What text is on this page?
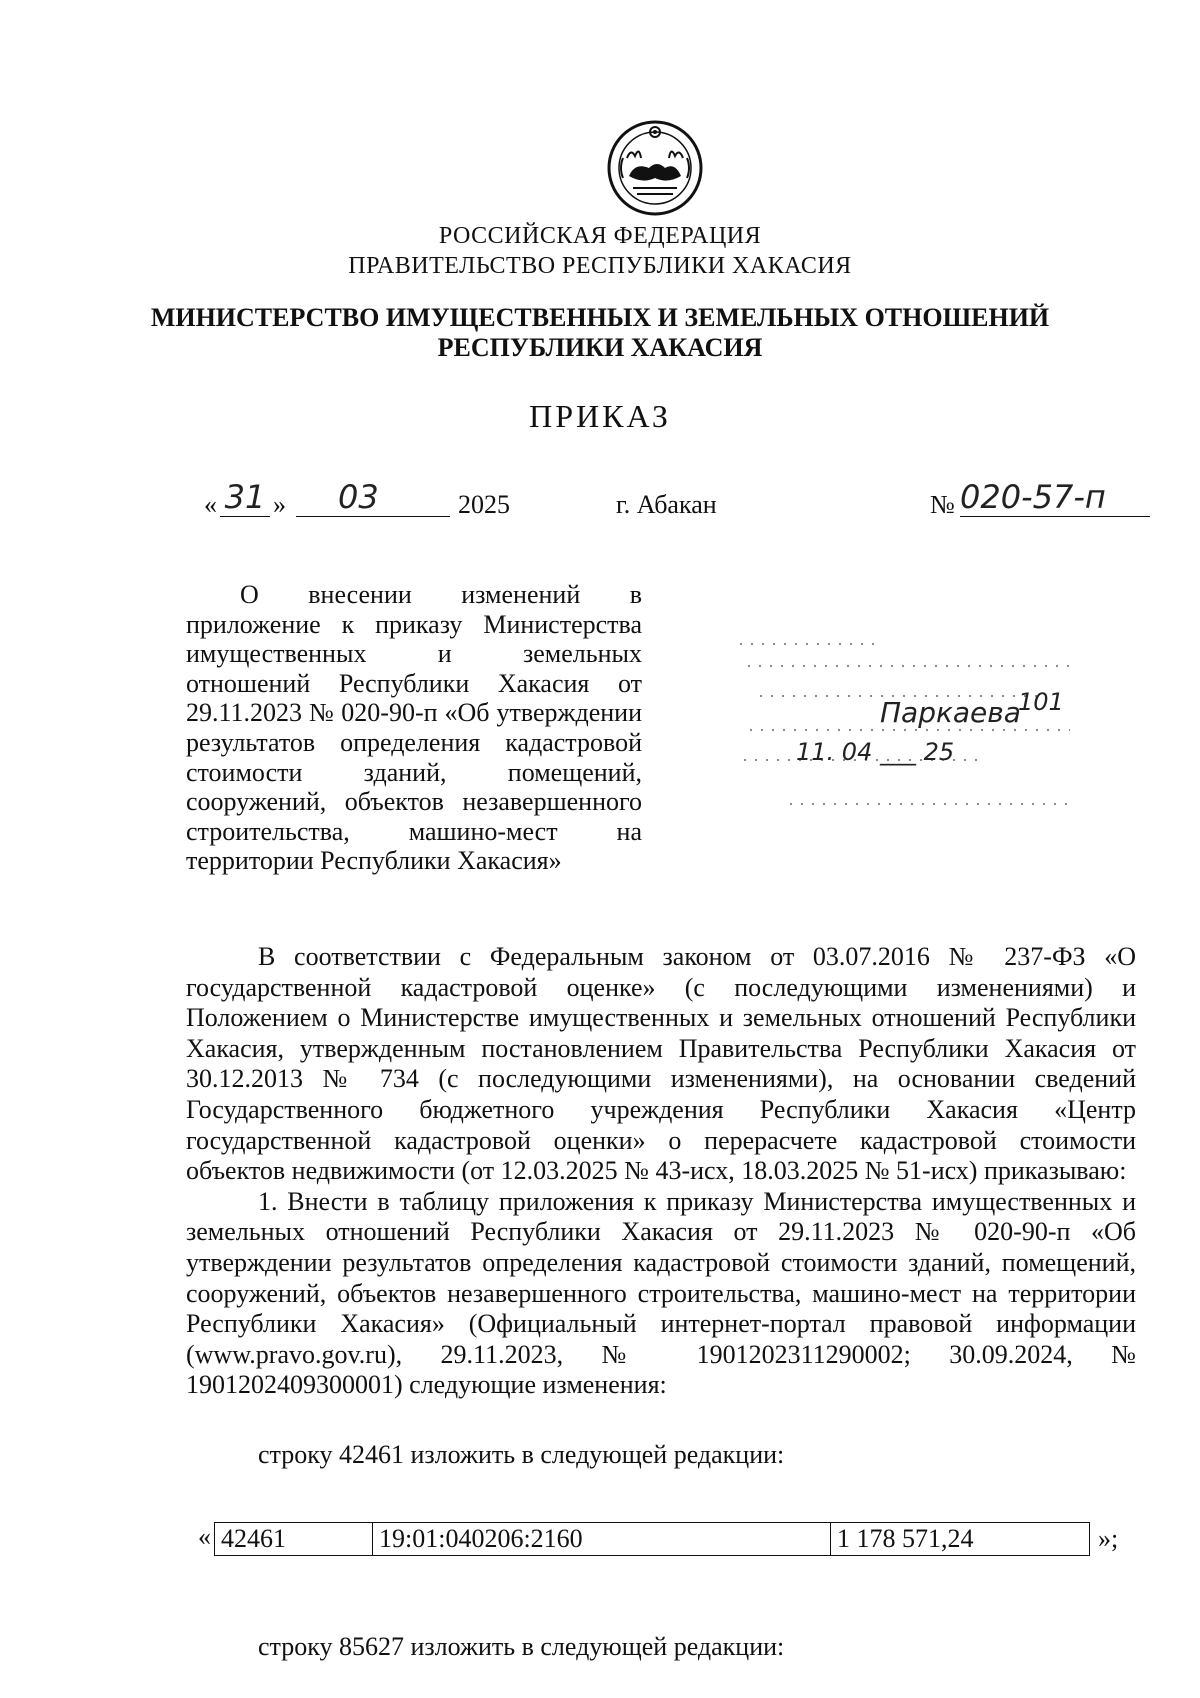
РОССИЙСКАЯ ФЕДЕРАЦИЯ
ПРАВИТЕЛЬСТВО РЕСПУБЛИКИ ХАКАСИЯ
МИНИСТЕРСТВО ИМУЩЕСТВЕННЫХ И ЗЕМЕЛЬНЫХ ОТНОШЕНИЙ
РЕСПУБЛИКИ ХАКАСИЯ
ПРИКАЗ
« 31 »	03	2025	г. Абакан	№ 020-57-п

О внесении изменений в приложение к приказу Министерства имущественных и земельных отношений Республики Хакасия от 29.11.2023 № 020-90-п «Об утверждении результатов определения кадастровой стоимости зданий, помещений, сооружений, объектов незавершенного строительства, машино-мест на территории Республики Хакасия»

Паркаева
101
11. 04 ___ 25

В соответствии с Федеральным законом от 03.07.2016 № 237-ФЗ «О государственной кадастровой оценке» (с последующими изменениями) и Положением о Министерстве имущественных и земельных отношений Республики Хакасия, утвержденным постановлением Правительства Республики Хакасия от 30.12.2013 № 734 (с последующими изменениями), на основании сведений Государственного бюджетного учреждения Республики Хакасия «Центр государственной кадастровой оценки» о перерасчете кадастровой стоимости объектов недвижимости (от 12.03.2025 № 43-исх, 18.03.2025 № 51-исх) приказываю:

1. Внести в таблицу приложения к приказу Министерства имущественных и земельных отношений Республики Хакасия от 29.11.2023 № 020-90-п «Об утверждении результатов определения кадастровой стоимости зданий, помещений, сооружений, объектов незавершенного строительства, машино-мест на территории Республики Хакасия» (Официальный интернет-портал правовой информации (www.pravo.gov.ru), 29.11.2023, № 1901202311290002; 30.09.2024, № 1901202409300001) следующие изменения:

строку 42461 изложить в следующей редакции:
« 42461	19:01:040206:2160	1 178 571,24	»;
строку 85627 изложить в следующей редакции:
